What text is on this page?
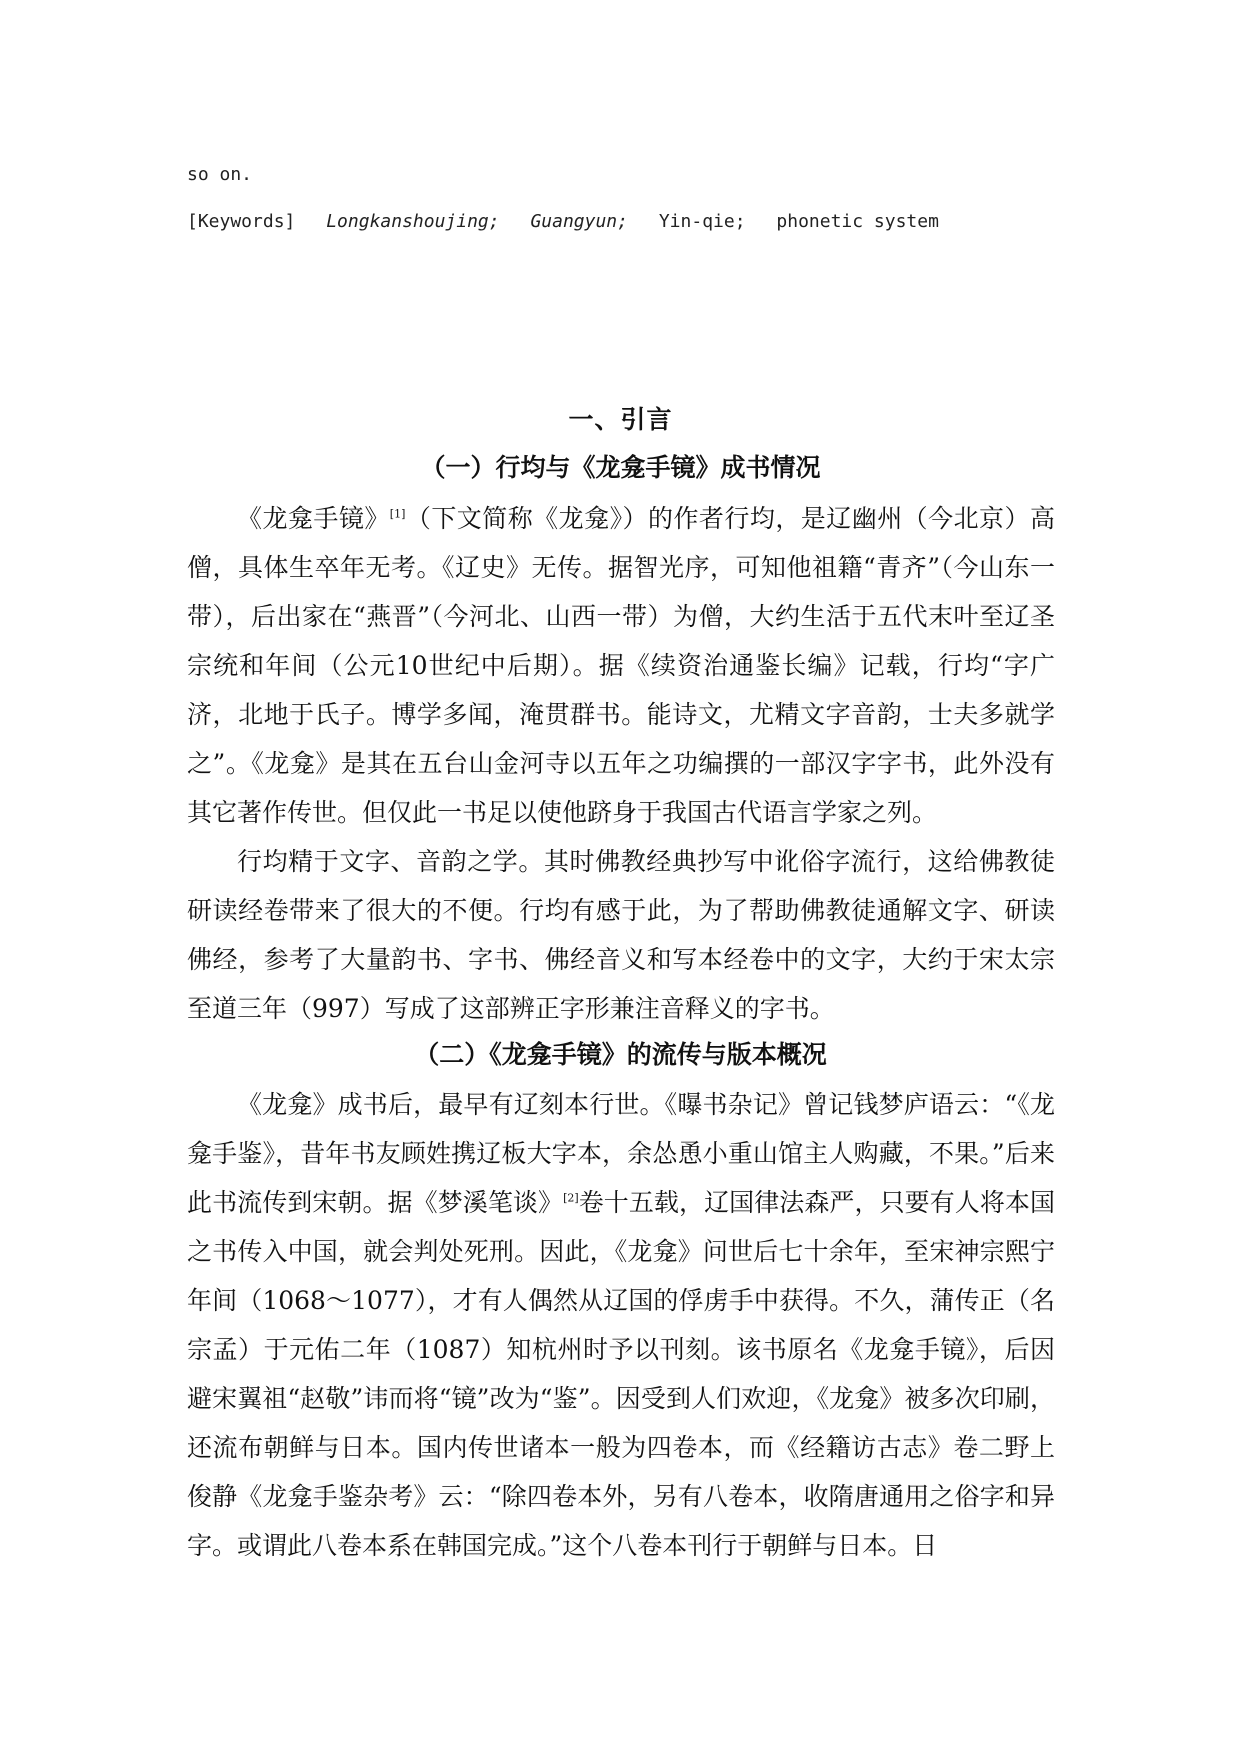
so on.
[Keywords] Longkanshoujing; Guangyun; Yin-qie; phonetic system
一、引言
（一）行均与《龙龛手镜》成书情况

《龙龛手镜》[1]（下文简称《龙龛》）的作者行均，是辽幽州（今北京）高僧，具体生卒年无考。《辽史》无传。据智光序，可知他祖籍“青齐”（今山东一带），后出家在“燕晋”（今河北、山西一带）为僧，大约生活于五代末叶至辽圣宗统和年间（公元10世纪中后期）。据《续资治通鉴长编》记载，行均“字广济，北地于氏子。博学多闻，淹贯群书。能诗文，尤精文字音韵，士夫多就学之”。《龙龛》是其在五台山金河寺以五年之功编撰的一部汉字字书，此外没有其它著作传世。但仅此一书足以使他跻身于我国古代语言学家之列。

行均精于文字、音韵之学。其时佛教经典抄写中讹俗字流行，这给佛教徒研读经卷带来了很大的不便。行均有感于此，为了帮助佛教徒通解文字、研读佛经，参考了大量韵书、字书、佛经音义和写本经卷中的文字，大约于宋太宗至道三年（997）写成了这部辨正字形兼注音释义的字书。

（二）《龙龛手镜》的流传与版本概况

《龙龛》成书后，最早有辽刻本行世。《曝书杂记》曾记钱梦庐语云：“《龙龛手鉴》，昔年书友顾姓携辽板大字本，余怂恿小重山馆主人购藏，不果。”后来此书流传到宋朝。据《梦溪笔谈》[2]卷十五载，辽国律法森严，只要有人将本国之书传入中国，就会判处死刑。因此，《龙龛》问世后七十余年，至宋神宗熙宁年间（1068～1077），才有人偶然从辽国的俘虏手中获得。不久，蒲传正（名宗孟）于元佑二年（1087）知杭州时予以刊刻。该书原名《龙龛手镜》，后因避宋翼祖“赵敬”讳而将“镜”改为“鉴”。因受到人们欢迎，《龙龛》被多次印刷，还流布朝鲜与日本。国内传世诸本一般为四卷本，而《经籍访古志》卷二野上俊静《龙龛手鉴杂考》云：“除四卷本外，另有八卷本，收隋唐通用之俗字和异字。或谓此八卷本系在韩国完成。”这个八卷本刊行于朝鲜与日本。日
